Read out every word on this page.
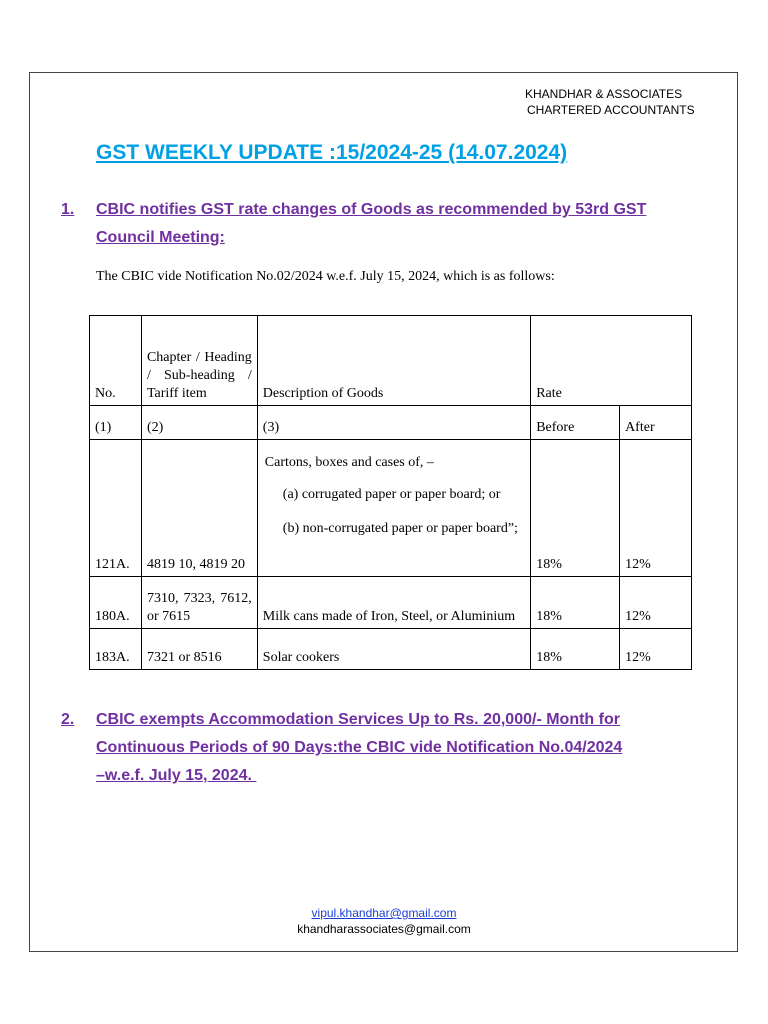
KHANDHAR & ASSOCIATES
CHARTERED ACCOUNTANTS
GST WEEKLY UPDATE :15/2024-25 (14.07.2024)
1. CBIC notifies GST rate changes of Goods as recommended by 53rd GST
Council Meeting:
The CBIC vide Notification No.02/2024 w.e.f. July 15, 2024, which is as follows:
No.	Chapter / Heading / Sub-heading / Tariff item	Description of Goods	Rate	
(1)	(2)	(3)	Before	After
121A.	4819 10, 4819 20	Cartons, boxes and cases of, –
(a) corrugated paper or paper board; or
(b) non-corrugated paper or paper board”;	18%	12%
180A.	7310, 7323, 7612, or 7615	Milk cans made of Iron, Steel, or Aluminium	18%	12%
183A.	7321 or 8516	Solar cookers	18%	12%
2. CBIC exempts Accommodation Services Up to Rs. 20,000/- Month for
Continuous Periods of 90 Days:the CBIC vide Notification No.04/2024
–w.e.f. July 15, 2024.
vipul.khandhar@gmail.com
khandharassociates@gmail.com
